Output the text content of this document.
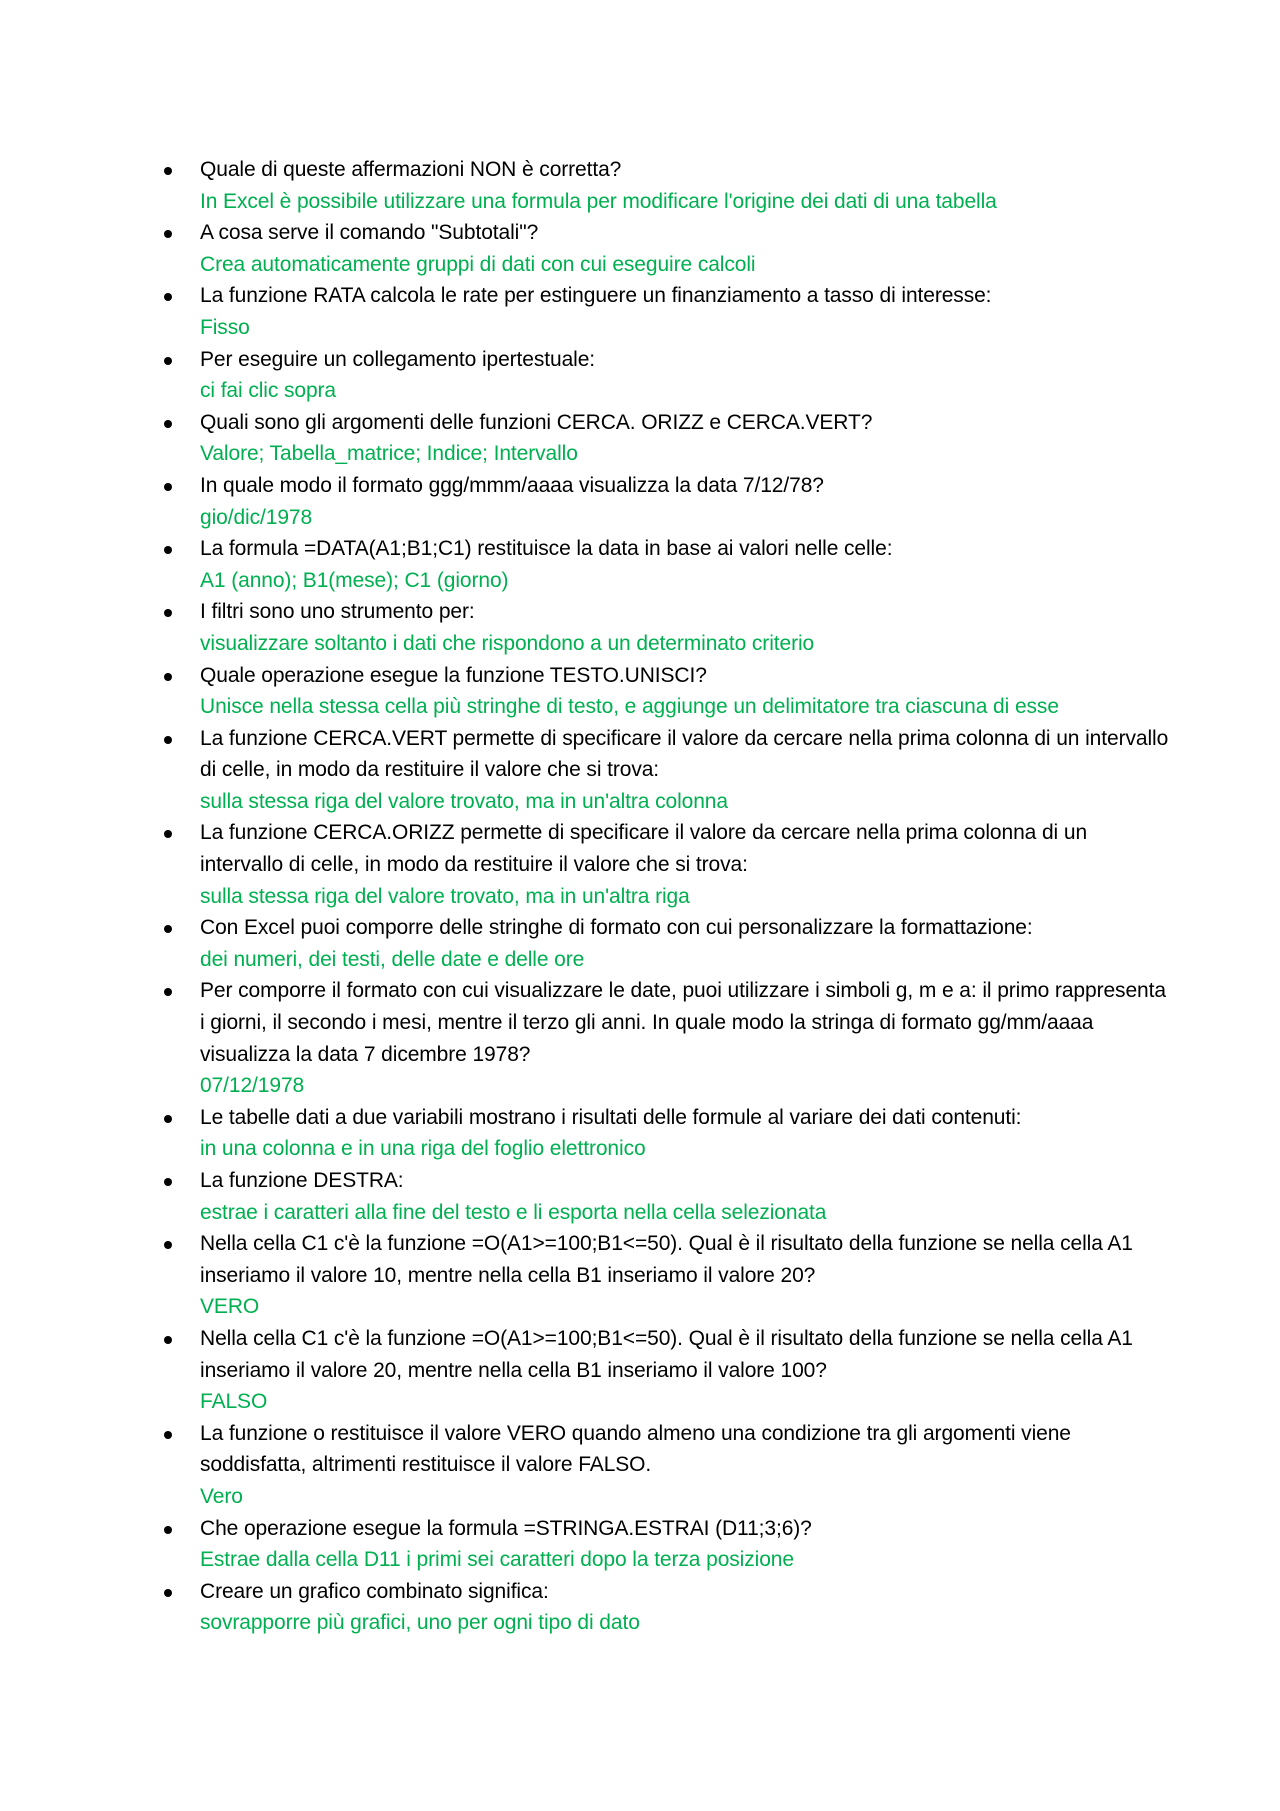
Quale di queste affermazioni NON è corretta?
In Excel è possibile utilizzare una formula per modificare l'origine dei dati di una tabella
A cosa serve il comando "Subtotali"?
Crea automaticamente gruppi di dati con cui eseguire calcoli
La funzione RATA calcola le rate per estinguere un finanziamento a tasso di interesse:
Fisso
Per eseguire un collegamento ipertestuale:
ci fai clic sopra
Quali sono gli argomenti delle funzioni CERCA. ORIZZ e CERCA.VERT?
Valore; Tabella_matrice; Indice; Intervallo
In quale modo il formato ggg/mmm/aaaa visualizza la data 7/12/78?
gio/dic/1978
La formula =DATA(A1;B1;C1) restituisce la data in base ai valori nelle celle:
A1 (anno); B1(mese); C1 (giorno)
I filtri sono uno strumento per:
visualizzare soltanto i dati che rispondono a un determinato criterio
Quale operazione esegue la funzione TESTO.UNISCI?
Unisce nella stessa cella più stringhe di testo, e aggiunge un delimitatore tra ciascuna di esse
La funzione CERCA.VERT permette di specificare il valore da cercare nella prima colonna di un intervallo di celle, in modo da restituire il valore che si trova:
sulla stessa riga del valore trovato, ma in un'altra colonna
La funzione CERCA.ORIZZ permette di specificare il valore da cercare nella prima colonna di un intervallo di celle, in modo da restituire il valore che si trova:
sulla stessa riga del valore trovato, ma in un'altra riga
Con Excel puoi comporre delle stringhe di formato con cui personalizzare la formattazione:
dei numeri, dei testi, delle date e delle ore
Per comporre il formato con cui visualizzare le date, puoi utilizzare i simboli g, m e a: il primo rappresenta i giorni, il secondo i mesi, mentre il terzo gli anni. In quale modo la stringa di formato gg/mm/aaaa visualizza la data 7 dicembre 1978?
07/12/1978
Le tabelle dati a due variabili mostrano i risultati delle formule al variare dei dati contenuti:
in una colonna e in una riga del foglio elettronico
La funzione DESTRA:
estrae i caratteri alla fine del testo e li esporta nella cella selezionata
Nella cella C1 c'è la funzione =O(A1>=100;B1<=50). Qual è il risultato della funzione se nella cella A1 inseriamo il valore 10, mentre nella cella B1 inseriamo il valore 20?
VERO
Nella cella C1 c'è la funzione =O(A1>=100;B1<=50). Qual è il risultato della funzione se nella cella A1 inseriamo il valore 20, mentre nella cella B1 inseriamo il valore 100?
FALSO
La funzione o restituisce il valore VERO quando almeno una condizione tra gli argomenti viene soddisfatta, altrimenti restituisce il valore FALSO.
Vero
Che operazione esegue la formula =STRINGA.ESTRAI (D11;3;6)?
Estrae dalla cella D11 i primi sei caratteri dopo la terza posizione
Creare un grafico combinato significa:
sovrapporre più grafici, uno per ogni tipo di dato
